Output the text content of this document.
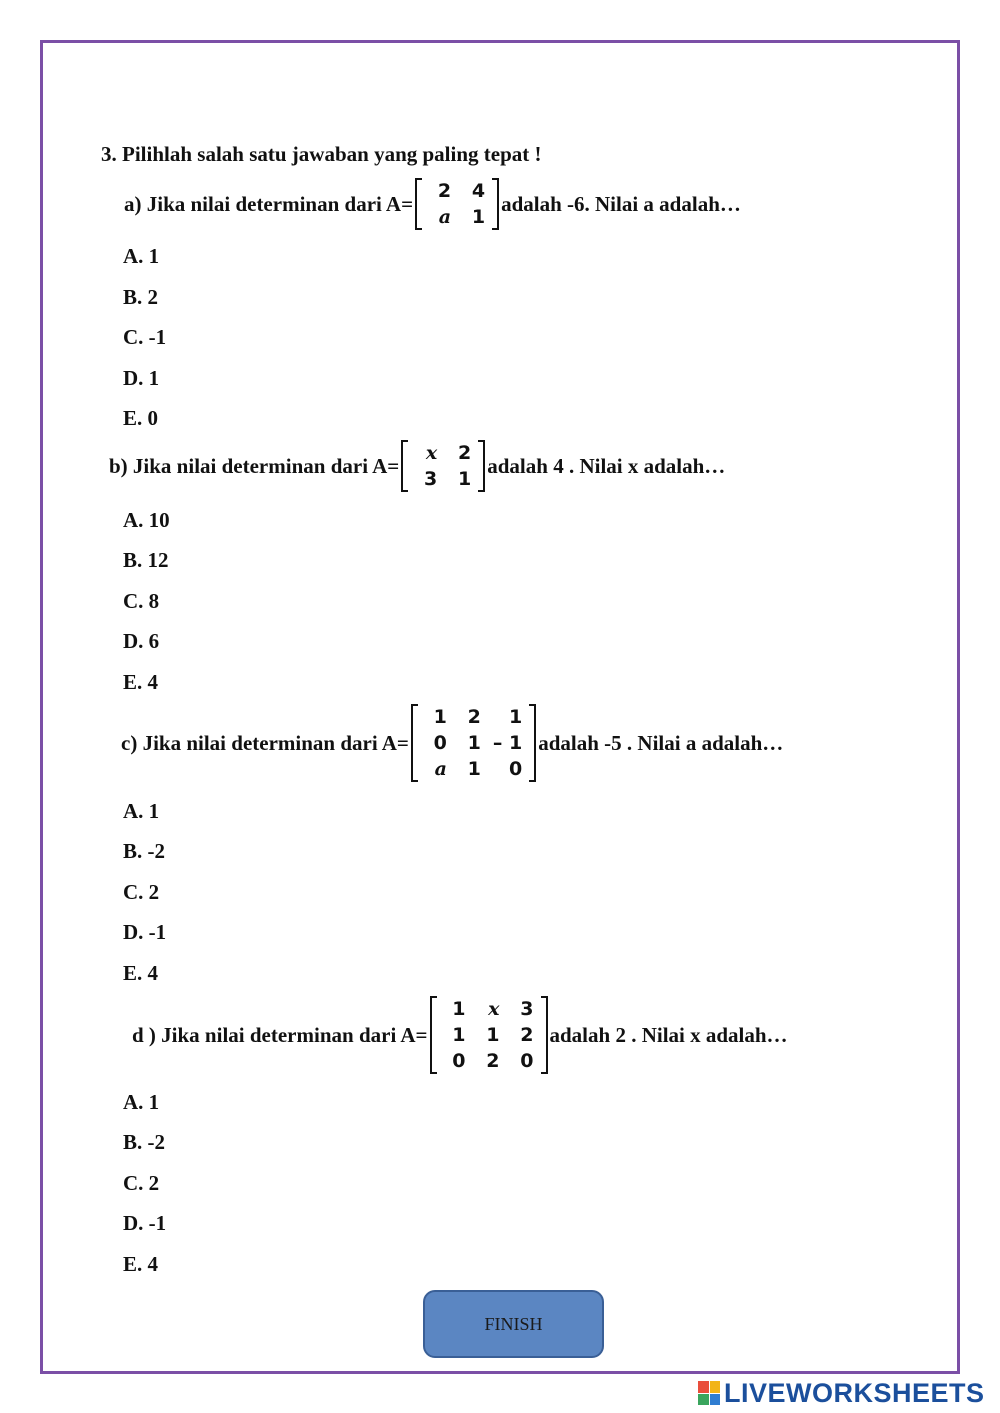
3. Pilihlah salah satu jawaban yang paling tepat !
a) Jika nilai determinan dari A=
2	4
a	1
adalah -6. Nilai a adalah…
A. 1
B. 2
C. -1
D. 1
E. 0
b) Jika nilai determinan dari A=
x	2
3	1
adalah 4 . Nilai x adalah…
A. 10
B. 12
C. 8
D. 6
E. 4
c) Jika nilai determinan dari A=
1	2	1
0	1 – 1
a	1	0
adalah -5 . Nilai a adalah…
A. 1
B. -2
C. 2
D. -1
E. 4
d ) Jika nilai determinan dari A=
1	x	3
1	1	2
0	2	0
adalah 2 . Nilai x adalah…
A. 1
B. -2
C. 2
D. -1
E. 4
FINISH
LIVEWORKSHEETS
